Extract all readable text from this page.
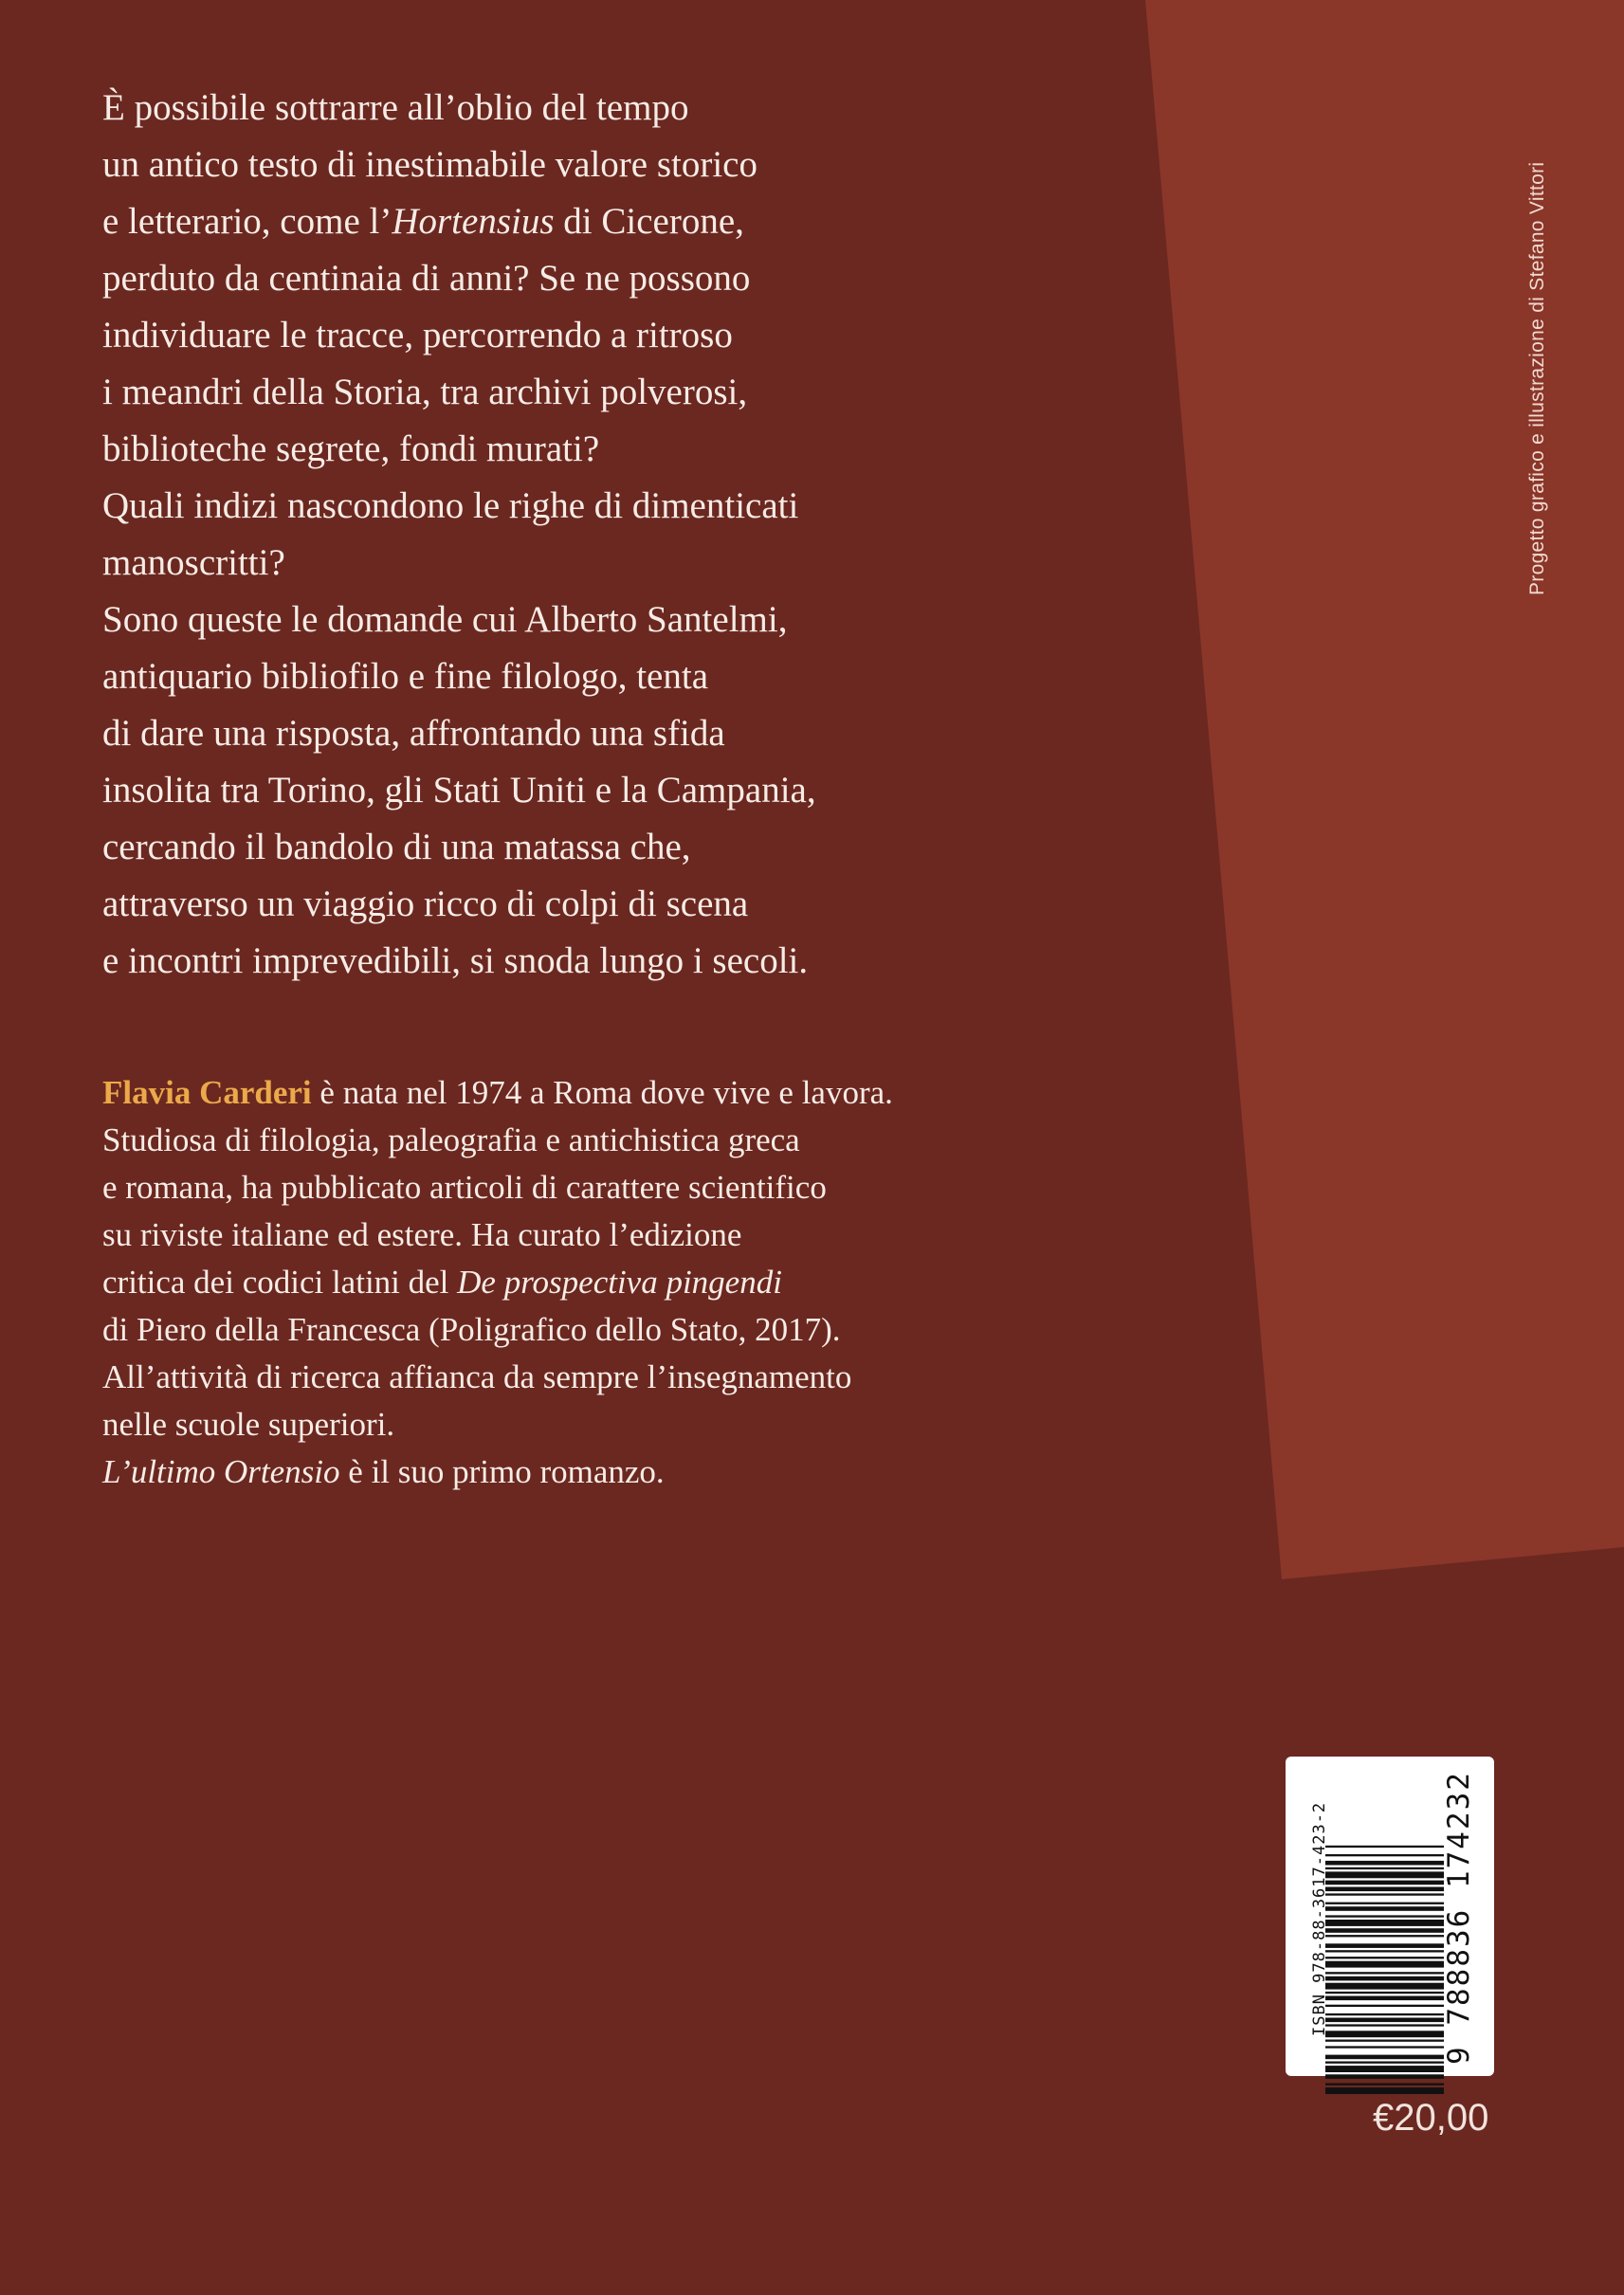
È possibile sottrarre all’oblio del tempo
un antico testo di inestimabile valore storico
e letterario, come l’Hortensius di Cicerone,
perduto da centinaia di anni? Se ne possono
individuare le tracce, percorrendo a ritroso
i meandri della Storia, tra archivi polverosi,
biblioteche segrete, fondi murati?
Quali indizi nascondono le righe di dimenticati
manoscritti?
Sono queste le domande cui Alberto Santelmi,
antiquario bibliofilo e fine filologo, tenta
di dare una risposta, affrontando una sfida
insolita tra Torino, gli Stati Uniti e la Campania,
cercando il bandolo di una matassa che,
attraverso un viaggio ricco di colpi di scena
e incontri imprevedibili, si snoda lungo i secoli.

Flavia Carderi è nata nel 1974 a Roma dove vive e lavora.
Studiosa di filologia, paleografia e antichistica greca
e romana, ha pubblicato articoli di carattere scientifico
su riviste italiane ed estere. Ha curato l’edizione
critica dei codici latini del De prospectiva pingendi
di Piero della Francesca (Poligrafico dello Stato, 2017).
All’attività di ricerca affianca da sempre l’insegnamento
nelle scuole superiori.
L’ultimo Ortensio è il suo primo romanzo.
Progetto grafico e illustrazione di Stefano Vittori
ISBN 978-88-3617-423-2	9 788836 174232
€20,00
